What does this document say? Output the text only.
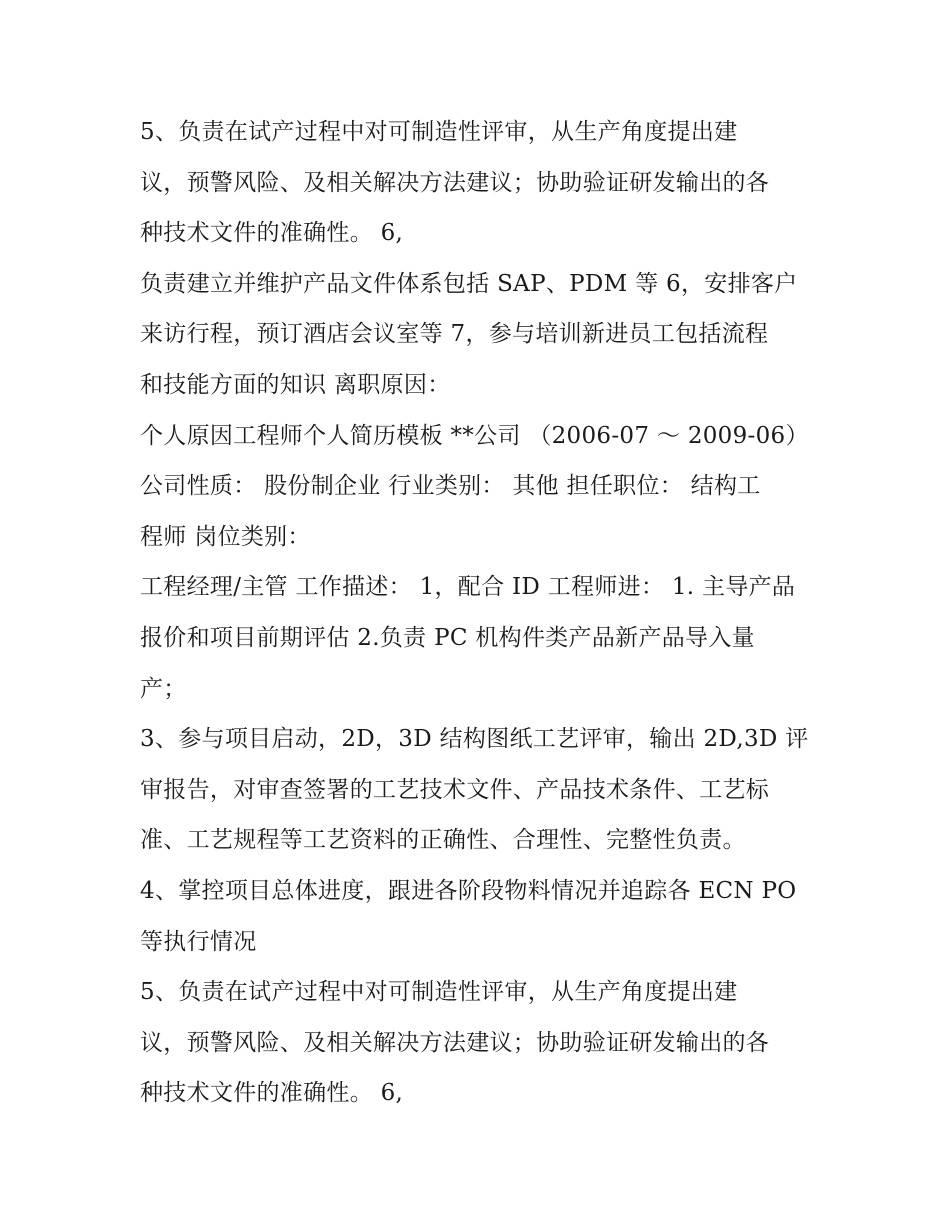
5、负责在试产过程中对可制造性评审，从生产角度提出建
议，预警风险、及相关解决方法建议；协助验证研发输出的各
种技术文件的准确性。 6,
负责建立并维护产品文件体系包括 SAP、PDM 等 6，安排客户
来访行程，预订酒店会议室等 7，参与培训新进员工包括流程
和技能方面的知识 离职原因：
个人原因工程师个人简历模板 **公司 （2006-07 ～ 2009-06）
公司性质： 股份制企业 行业类别： 其他 担任职位： 结构工
程师 岗位类别：
工程经理/主管 工作描述： 1，配合 ID 工程师进： 1. 主导产品
报价和项目前期评估 2.负责 PC 机构件类产品新产品导入量
产；
3、参与项目启动，2D，3D 结构图纸工艺评审，输出 2D,3D 评
审报告，对审查签署的工艺技术文件、产品技术条件、工艺标
准、工艺规程等工艺资料的正确性、合理性、完整性负责。
4、掌控项目总体进度，跟进各阶段物料情况并追踪各 ECN PO
等执行情况
5、负责在试产过程中对可制造性评审，从生产角度提出建
议，预警风险、及相关解决方法建议；协助验证研发输出的各
种技术文件的准确性。 6,
